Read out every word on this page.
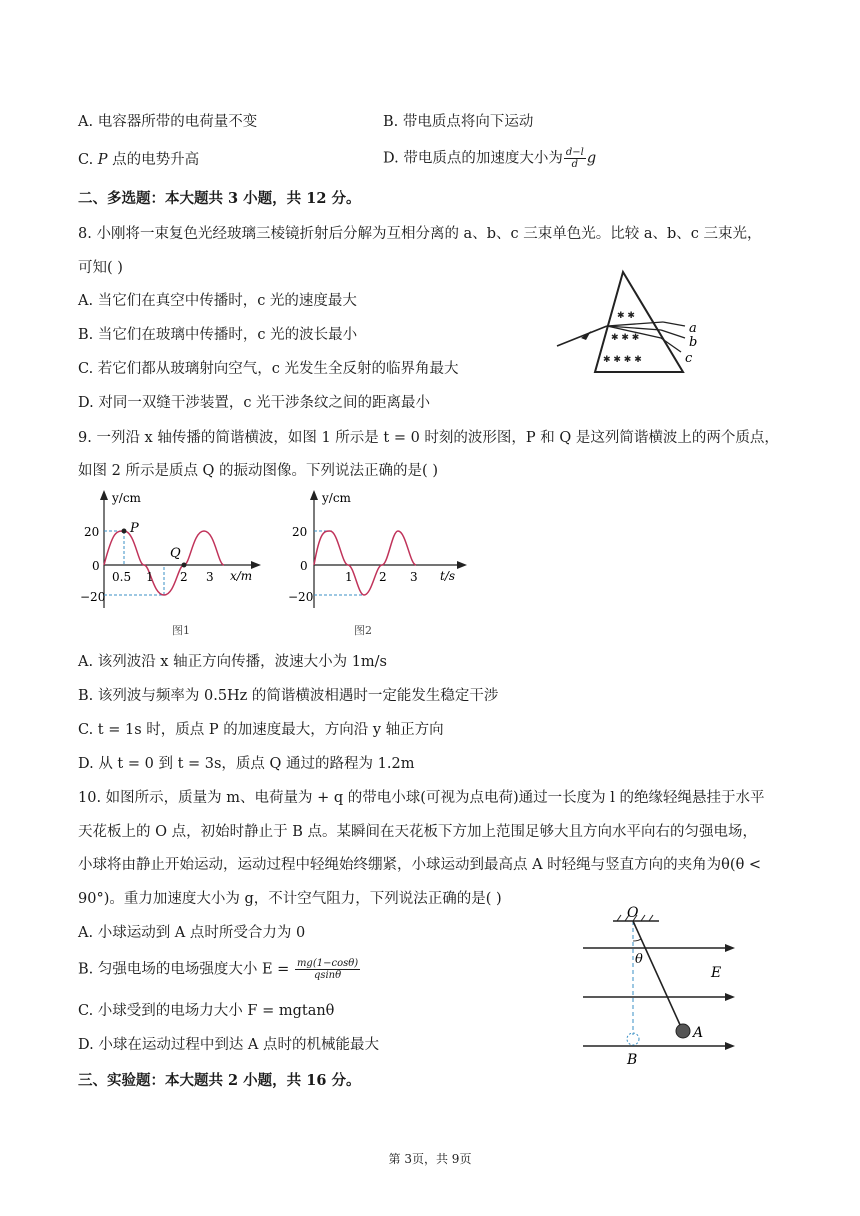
A. 电容器所带的电荷量不变	B. 带电质点将向下运动
C. P 点的电势升高	D. 带电质点的加速度大小为 $\frac{d-l}{d}$ g
二、多选题：本大题共 3 小题，共 12 分。
8. 小刚将一束复色光经玻璃三棱镜折射后分解为互相分离的 a、b、c 三束单色光。比较 a、b、c 三束光，
可知( )
A. 当它们在真空中传播时，c 光的速度最大
B. 当它们在玻璃中传播时，c 光的波长最小
C. 若它们都从玻璃射向空气，c 光发生全反射的临界角最大
D. 对同一双缝干涉装置，c 光干涉条纹之间的距离最小
✱ ✱
✱ ✱ ✱
✱ ✱ ✱ ✱
a
b
c
9. 一列沿 x 轴传播的简谐横波，如图 1 所示是 t = 0 时刻的波形图，P 和 Q 是这列简谐横波上的两个质点，
如图 2 所示是质点 Q 的振动图像。下列说法正确的是( )
y/cm
x/m
20
0
−20
P
Q
0.5 1 2 3
图1
y/cm
t/s
20
0
−20
1 2 3
图2
A. 该列波沿 x 轴正方向传播，波速大小为 1m/s
B. 该列波与频率为 0.5Hz 的简谐横波相遇时一定能发生稳定干涉
C. t = 1s 时，质点 P 的加速度最大，方向沿 y 轴正方向
D. 从 t = 0 到 t = 3s，质点 Q 通过的路程为 1.2m
10. 如图所示，质量为 m、电荷量为 + q 的带电小球(可视为点电荷)通过一长度为 l 的绝缘轻绳悬挂于水平
天花板上的 O 点，初始时静止于 B 点。某瞬间在天花板下方加上范围足够大且方向水平向右的匀强电场，
小球将由静止开始运动，运动过程中轻绳始终绷紧，小球运动到最高点 A 时轻绳与竖直方向的夹角为θ(θ <
90°)。重力加速度大小为 g，不计空气阻力，下列说法正确的是( )
A. 小球运动到 A 点时所受合力为 0
B. 匀强电场的电场强度大小 $E = \frac{mg(1-\cos\theta)}{qsin\theta}$
C. 小球受到的电场力大小 F = mgtanθ
D. 小球在运动过程中到达 A 点时的机械能最大
O
E
B
θ
A
三、实验题：本大题共 2 小题，共 16 分。
第 3页，共 9页
